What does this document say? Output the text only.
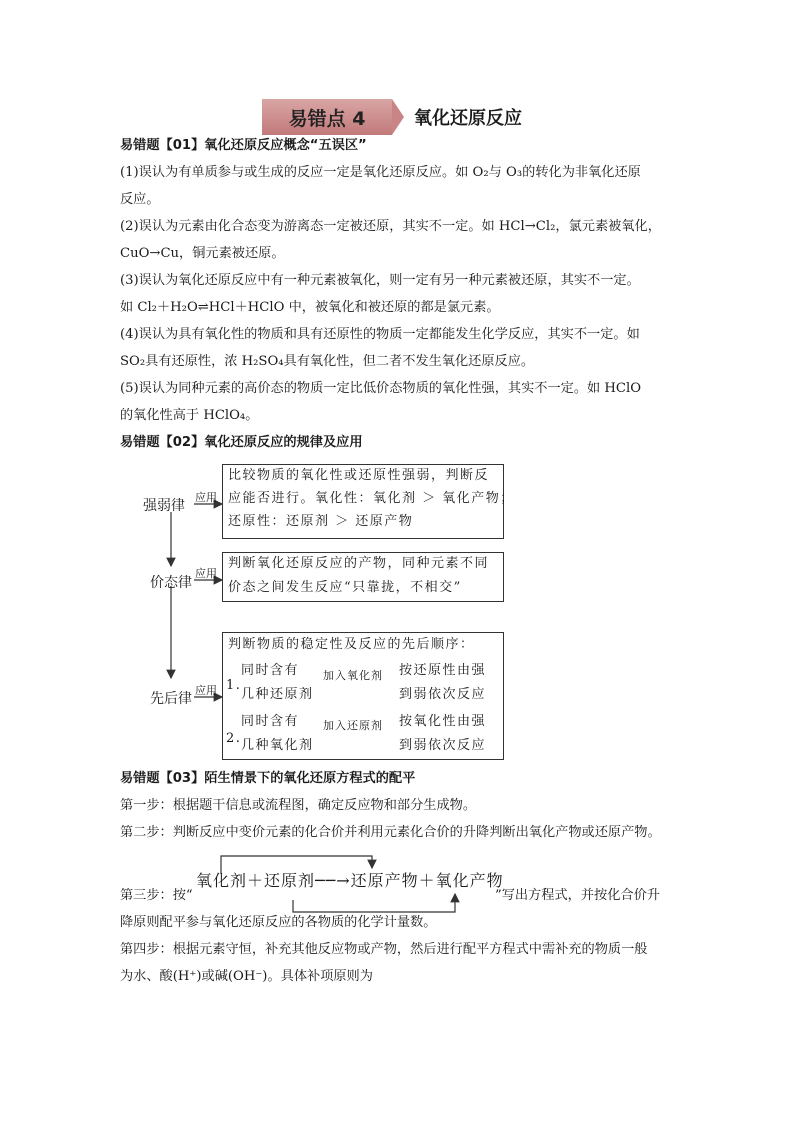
易错点 4	氧化还原反应
易错题【01】氧化还原反应概念“五误区”
(1)误认为有单质参与或生成的反应一定是氧化还原反应。如 O₂与 O₃的转化为非氧化还原
反应。
(2)误认为元素由化合态变为游离态一定被还原，其实不一定。如 HCl→Cl₂，氯元素被氧化，
CuO→Cu，铜元素被还原。
(3)误认为氧化还原反应中有一种元素被氧化，则一定有另一种元素被还原，其实不一定。
如 Cl₂＋H₂O⇌HCl＋HClO 中，被氧化和被还原的都是氯元素。
(4)误认为具有氧化性的物质和具有还原性的物质一定都能发生化学反应，其实不一定。如
SO₂具有还原性，浓 H₂SO₄具有氧化性，但二者不发生氧化还原反应。
(5)误认为同种元素的高价态的物质一定比低价态物质的氧化性强，其实不一定。如 HClO
的氧化性高于 HClO₄。
易错题【02】氧化还原反应的规律及应用
强弱律
应用
比较物质的氧化性或还原性强弱，判断反
应能否进行。氧化性：氧化剂 ＞ 氧化产物；
还原性：还原剂 ＞ 还原产物
价态律
应用
判断氧化还原反应的产物，同种元素不同
价态之间发生反应“只靠拢，不相交”
先后律
应用
判断物质的稳定性及反应的先后顺序：
1.
同时含有
几种还原剂
加入氧化剂 按还原性由强
到弱依次反应
2.
同时含有
几种氧化剂
加入还原剂 按氧化性由强
到弱依次反应
易错题【03】陌生情景下的氧化还原方程式的配平
第一步：根据题干信息或流程图，确定反应物和部分生成物。
第二步：判断反应中变价元素的化合价并利用元素化合价的升降判断出氧化产物或还原产物。
氧化剂＋还原剂──→还原产物＋氧化产物
第三步：按“	”写出方程式，并按化合价升
降原则配平参与氧化还原反应的各物质的化学计量数。
第四步：根据元素守恒，补充其他反应物或产物，然后进行配平方程式中需补充的物质一般
为水、酸(H⁺)或碱(OH⁻)。具体补项原则为
